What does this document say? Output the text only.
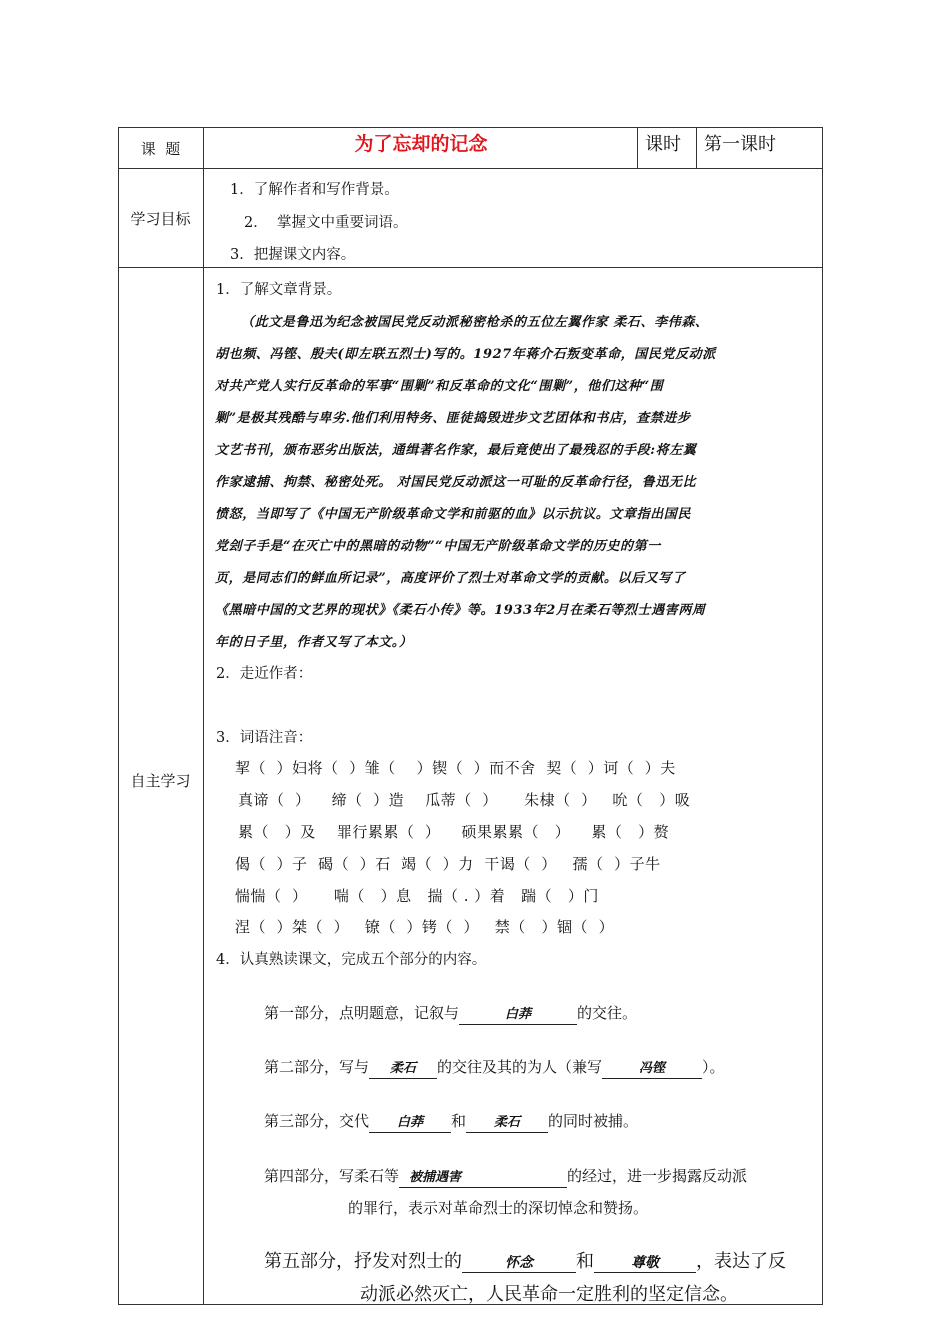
课  题	为了忘却的记念	课时 第一课时
学习目标
1．了解作者和写作背景。
2．  掌握文中重要词语。
3．把握课文内容。
自主学习
1．了解文章背景。
（此文是鲁迅为纪念被国民党反动派秘密枪杀的五位左翼作家 柔石、李伟森、
胡也频、冯铿、殷夫(即左联五烈士)写的。1927年蒋介石叛变革命，国民党反动派
对共产党人实行反革命的军事“围剿”和反革命的文化“围剿”，他们这种“围
剿”是极其残酷与卑劣.他们利用特务、匪徒捣毁进步文艺团体和书店，查禁进步
文艺书刊，颁布恶劣出版法，通缉著名作家，最后竟使出了最残忍的手段:将左翼
作家逮捕、拘禁、秘密处死。 对国民党反动派这一可耻的反革命行径，鲁迅无比
愤怒，当即写了《中国无产阶级革命文学和前驱的血》以示抗议。文章指出国民
党刽子手是“在灭亡中的黑暗的动物”“中国无产阶级革命文学的历史的第一
页，是同志们的鲜血所记录”，高度评价了烈士对革命文学的贡献。以后又写了
《黑暗中国的文艺界的现状》《柔石小传》等。1933年2月在柔石等烈士遇害两周
年的日子里，作者又写了本文。）
2．走近作者：
3．词语注音：
挈（  ）妇将（  ）雏（    ）锲（  ）而不舍  契（  ）诃（  ）夫
真谛（  ）    缔（  ）造    瓜蒂（  ）     朱棣（  ）   吮（   ）吸
累（   ）及    罪行累累（  ）    硕果累累（   ）    累（   ）赘
偈（  ）子  碣（  ）石  竭（  ）力  干谒（  ）   孺（  ）子牛
惴惴（  ）     喘（   ）息   揣（ . ）着   踹（   ）门
涅（  ）桀（  ）   镣（  ）铐（  ）   禁（   ）锢（  ）
4．认真熟读课文，完成五个部分的内容。
第一部分，点明题意，记叙与	白莽	的交往。
第二部分，写与 柔石 的交往及其的为人（兼写	冯铿 ）。
第三部分，交代 白莽 和 柔石 的同时被捕。
第四部分，写柔石等 被捕遇害	的经过，进一步揭露反动派
的罪行，表示对革命烈士的深切悼念和赞扬。
第五部分，抒发对烈士的	怀念 和	尊敬 ，表达了反
动派必然灭亡，人民革命一定胜利的坚定信念。
